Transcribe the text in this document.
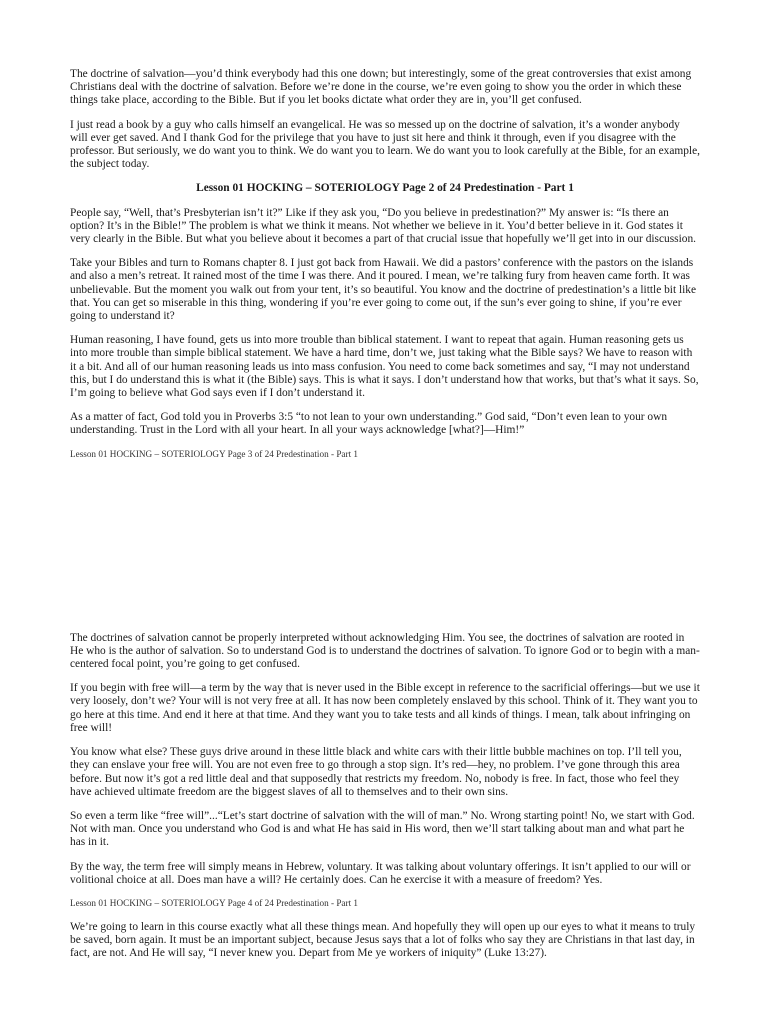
The doctrine of salvation—you’d think everybody had this one down; but interestingly, some of the great controversies that exist among Christians deal with the doctrine of salvation. Before we’re done in the course, we’re even going to show you the order in which these things take place, according to the Bible. But if you let books dictate what order they are in, you’ll get confused.

I just read a book by a guy who calls himself an evangelical. He was so messed up on the doctrine of salvation, it’s a wonder anybody will ever get saved. And I thank God for the privilege that you have to just sit here and think it through, even if you disagree with the professor. But seriously, we do want you to think. We do want you to learn. We do want you to look carefully at the Bible, for an example, the subject today.

Lesson 01 HOCKING – SOTERIOLOGY Page 2 of 24 Predestination - Part 1

People say, “Well, that’s Presbyterian isn’t it?” Like if they ask you, “Do you believe in predestination?” My answer is: “Is there an option? It’s in the Bible!” The problem is what we think it means. Not whether we believe in it. You’d better believe in it. God states it very clearly in the Bible. But what you believe about it becomes a part of that crucial issue that hopefully we’ll get into in our discussion.

Take your Bibles and turn to Romans chapter 8. I just got back from Hawaii. We did a pastors’ conference with the pastors on the islands and also a men’s retreat. It rained most of the time I was there. And it poured. I mean, we’re talking fury from heaven came forth. It was unbelievable. But the moment you walk out from your tent, it’s so beautiful. You know and the doctrine of predestination’s a little bit like that. You can get so miserable in this thing, wondering if you’re ever going to come out, if the sun’s ever going to shine, if you’re ever going to understand it?

Human reasoning, I have found, gets us into more trouble than biblical statement. I want to repeat that again. Human reasoning gets us into more trouble than simple biblical statement. We have a hard time, don’t we, just taking what the Bible says? We have to reason with it a bit. And all of our human reasoning leads us into mass confusion. You need to come back sometimes and say, “I may not understand this, but I do understand this is what it (the Bible) says. This is what it says. I don’t understand how that works, but that’s what it says. So, I’m going to believe what God says even if I don’t understand it.

As a matter of fact, God told you in Proverbs 3:5 “to not lean to your own understanding.” God said, “Don’t even lean to your own understanding. Trust in the Lord with all your heart. In all your ways acknowledge [what?]—Him!”

Lesson 01 HOCKING – SOTERIOLOGY Page 3 of 24 Predestination - Part 1

The doctrines of salvation cannot be properly interpreted without acknowledging Him. You see, the doctrines of salvation are rooted in He who is the author of salvation. So to understand God is to understand the doctrines of salvation. To ignore God or to begin with a man-centered focal point, you’re going to get confused.

If you begin with free will—a term by the way that is never used in the Bible except in reference to the sacrificial offerings—but we use it very loosely, don’t we? Your will is not very free at all. It has now been completely enslaved by this school. Think of it. They want you to go here at this time. And end it here at that time. And they want you to take tests and all kinds of things. I mean, talk about infringing on free will!

You know what else? These guys drive around in these little black and white cars with their little bubble machines on top. I’ll tell you, they can enslave your free will. You are not even free to go through a stop sign. It’s red—hey, no problem. I’ve gone through this area before. But now it’s got a red little deal and that supposedly that restricts my freedom. No, nobody is free. In fact, those who feel they have achieved ultimate freedom are the biggest slaves of all to themselves and to their own sins.

So even a term like “free will”...“Let’s start doctrine of salvation with the will of man.” No. Wrong starting point! No, we start with God. Not with man. Once you understand who God is and what He has said in His word, then we’ll start talking about man and what part he has in it.

By the way, the term free will simply means in Hebrew, voluntary. It was talking about voluntary offerings. It isn’t applied to our will or volitional choice at all. Does man have a will? He certainly does. Can he exercise it with a measure of freedom? Yes.

Lesson 01 HOCKING – SOTERIOLOGY Page 4 of 24 Predestination - Part 1

We’re going to learn in this course exactly what all these things mean. And hopefully they will open up our eyes to what it means to truly be saved, born again. It must be an important subject, because Jesus says that a lot of folks who say they are Christians in that last day, in fact, are not. And He will say, “I never knew you. Depart from Me ye workers of iniquity” (Luke 13:27).
